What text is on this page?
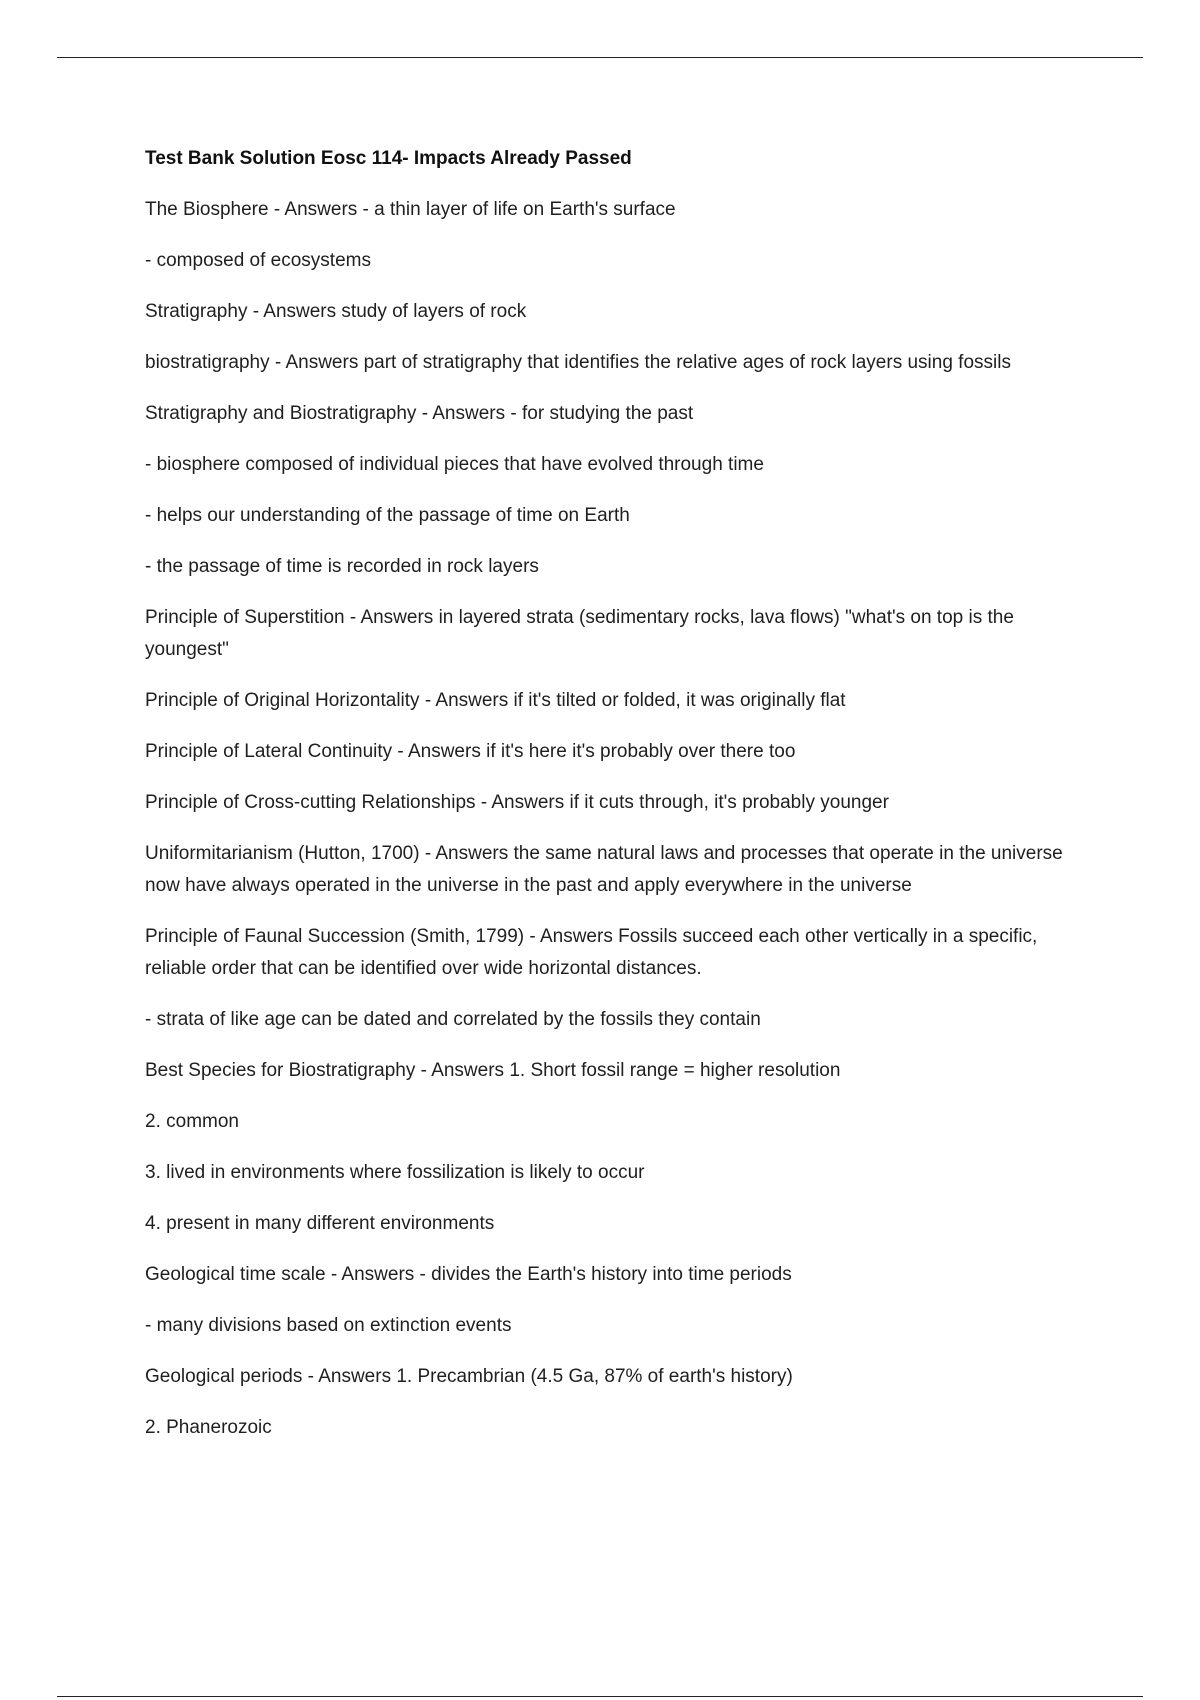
Test Bank Solution Eosc 114- Impacts Already Passed

The Biosphere - Answers - a thin layer of life on Earth's surface

- composed of ecosystems

Stratigraphy - Answers study of layers of rock

biostratigraphy - Answers part of stratigraphy that identifies the relative ages of rock layers using fossils

Stratigraphy and Biostratigraphy - Answers - for studying the past

- biosphere composed of individual pieces that have evolved through time

- helps our understanding of the passage of time on Earth

- the passage of time is recorded in rock layers

Principle of Superstition - Answers in layered strata (sedimentary rocks, lava flows) "what's on top is the youngest"

Principle of Original Horizontality - Answers if it's tilted or folded, it was originally flat

Principle of Lateral Continuity - Answers if it's here it's probably over there too

Principle of Cross-cutting Relationships - Answers if it cuts through, it's probably younger

Uniformitarianism (Hutton, 1700) - Answers the same natural laws and processes that operate in the universe now have always operated in the universe in the past and apply everywhere in the universe

Principle of Faunal Succession (Smith, 1799) - Answers Fossils succeed each other vertically in a specific, reliable order that can be identified over wide horizontal distances.

- strata of like age can be dated and correlated by the fossils they contain

Best Species for Biostratigraphy - Answers 1. Short fossil range = higher resolution

2. common

3. lived in environments where fossilization is likely to occur

4. present in many different environments

Geological time scale - Answers - divides the Earth's history into time periods

- many divisions based on extinction events

Geological periods - Answers 1. Precambrian (4.5 Ga, 87% of earth's history)

2. Phanerozoic
